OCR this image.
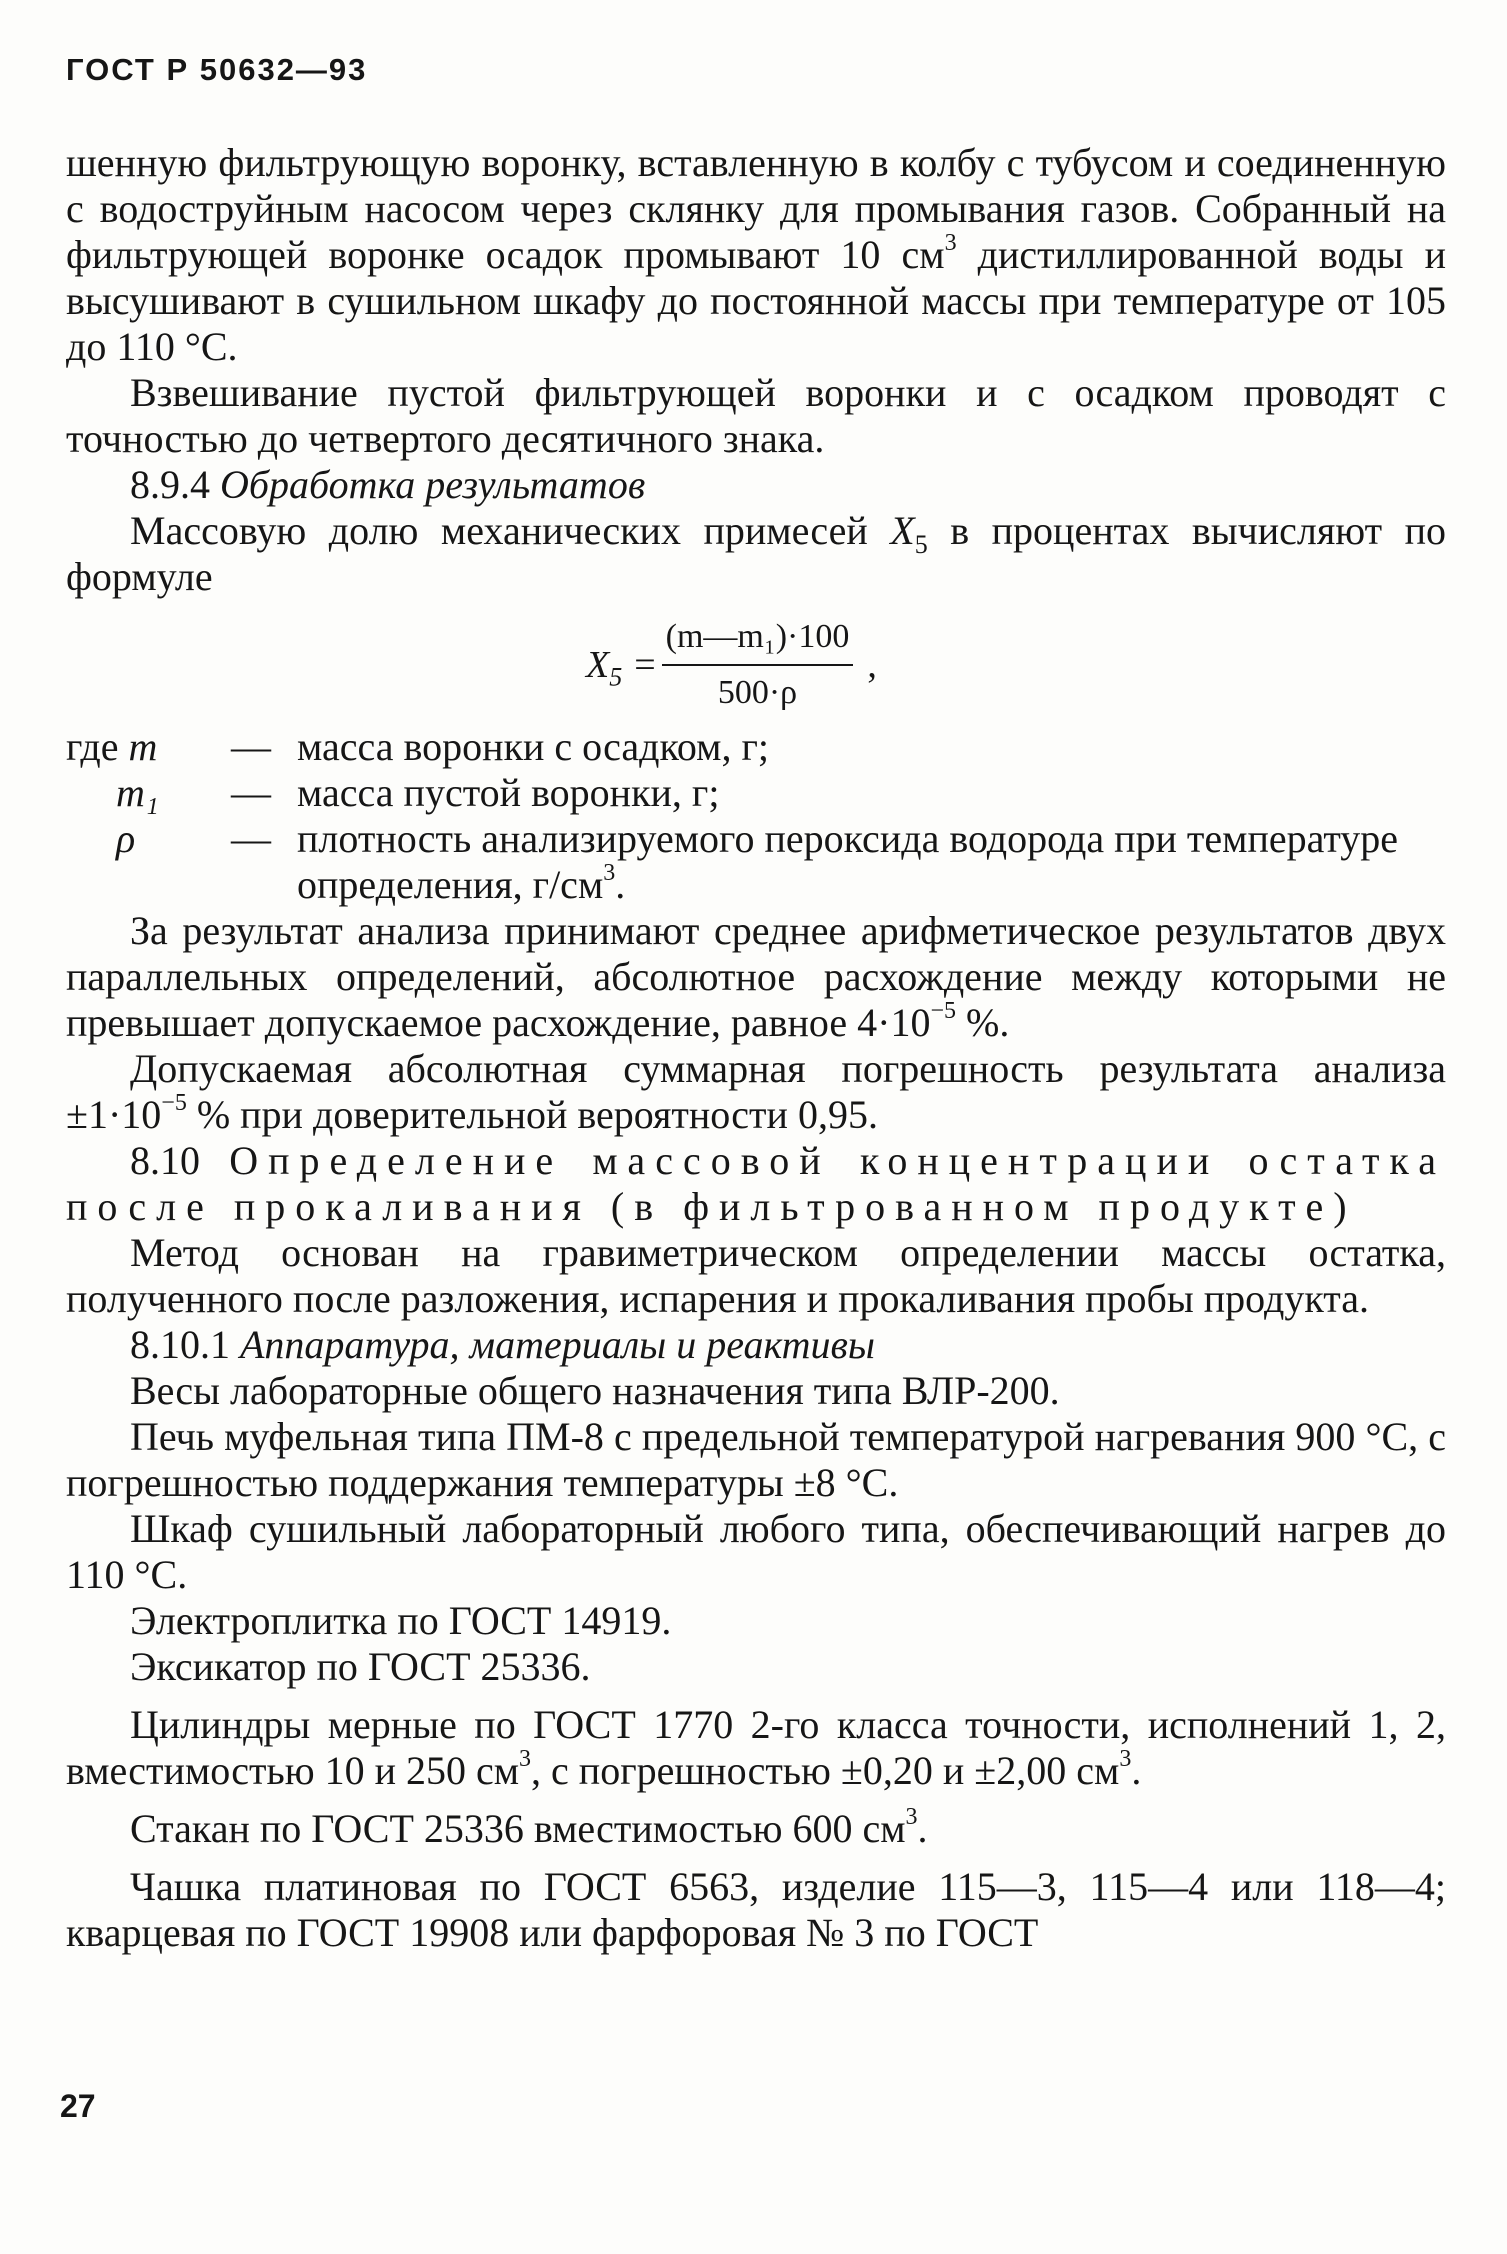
ГОСТ Р 50632—93

шенную фильтрующую воронку, вставленную в колбу с тубусом и соединенную с водоструйным насосом через склянку для промывания газов. Собранный на фильтрующей воронке осадок промывают 10 $см^3$ дистиллированной воды и высушивают в сушильном шкафу до постоянной массы при температуре от 105 до 110 °С.

Взвешивание пустой фильтрующей воронки и с осадком проводят с точностью до четвертого десятичного знака.

8.9.4 Обработка результатов

Массовую долю механических примесей $X_5$ в процентах вычисляют по формуле

$X_5 = \frac{\text{(m—m₁)·100}}{500\cdot\rho}$ ,
где m	— масса воронки с осадком, г;
m₁	— масса пустой воронки, г;
ρ	— плотность анализируемого пероксида водорода при температуре определения, $г/см^3$.

За результат анализа принимают среднее арифметическое результатов двух параллельных определений, абсолютное расхождение между которыми не превышает допускаемое расхождение, равное $4\cdot 10^{-5}$ %.

Допускаемая абсолютная суммарная погрешность результата анализа $\pm 1\cdot 10^{-5}$ % при доверительной вероятности 0,95.

8.10 Определение массовой концентрации остатка после прокаливания (в фильтрованном продукте)

Метод основан на гравиметрическом определении массы остатка, полученного после разложения, испарения и прокаливания пробы продукта.

8.10.1 Аппаратура, материалы и реактивы

Весы лабораторные общего назначения типа ВЛР-200.

Печь муфельная типа ПМ-8 с предельной температурой нагревания 900 °С, с погрешностью поддержания температуры ±8 °С.

Шкаф сушильный лабораторный любого типа, обеспечивающий нагрев до 110 °С.

Электроплитка по ГОСТ 14919.

Эксикатор по ГОСТ 25336.

Цилиндры мерные по ГОСТ 1770 2-го класса точности, исполнений 1, 2, вместимостью 10 и 250 $см^3$, с погрешностью ±0,20 и ±2,00 $см^3$.

Стакан по ГОСТ 25336 вместимостью 600 $см^3$.

Чашка платиновая по ГОСТ 6563, изделие 115—3, 115—4 или 118—4; кварцевая по ГОСТ 19908 или фарфоровая № 3 по ГОСТ

27
